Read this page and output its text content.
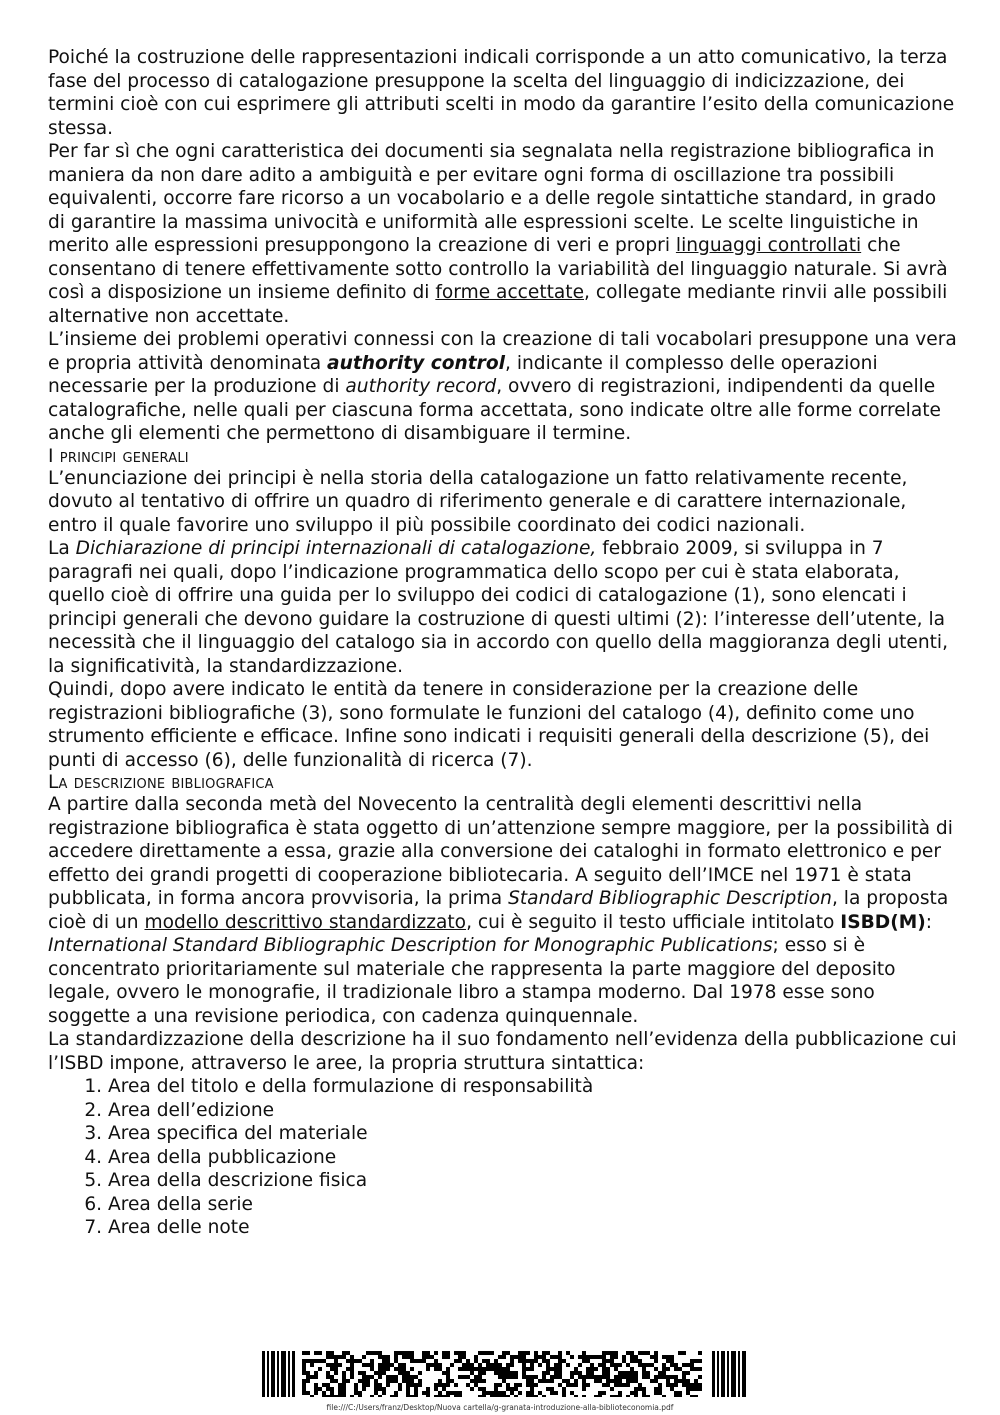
Poiché la costruzione delle rappresentazioni indicali corrisponde a un atto comunicativo, la terza fase del processo di catalogazione presuppone la scelta del linguaggio di indicizzazione, dei termini cioè con cui esprimere gli attributi scelti in modo da garantire l’esito della comunicazione stessa.

Per far sì che ogni caratteristica dei documenti sia segnalata nella registrazione bibliografica in maniera da non dare adito a ambiguità e per evitare ogni forma di oscillazione tra possibili equivalenti, occorre fare ricorso a un vocabolario e a delle regole sintattiche standard, in grado di garantire la massima univocità e uniformità alle espressioni scelte. Le scelte linguistiche in merito alle espressioni presuppongono la creazione di veri e propri linguaggi controllati che consentano di tenere effettivamente sotto controllo la variabilità del linguaggio naturale. Si avrà così a disposizione un insieme definito di forme accettate, collegate mediante rinvii alle possibili alternative non accettate.

L’insieme dei problemi operativi connessi con la creazione di tali vocabolari presuppone una vera e propria attività denominata authority control, indicante il complesso delle operazioni necessarie per la produzione di authority record, ovvero di registrazioni, indipendenti da quelle catalografiche, nelle quali per ciascuna forma accettata, sono indicate oltre alle forme correlate anche gli elementi che permettono di disambiguare il termine.

I principi generali

L’enunciazione dei principi è nella storia della catalogazione un fatto relativamente recente, dovuto al tentativo di offrire un quadro di riferimento generale e di carattere internazionale, entro il quale favorire uno sviluppo il più possibile coordinato dei codici nazionali.

La Dichiarazione di principi internazionali di catalogazione, febbraio 2009, si sviluppa in 7 paragrafi nei quali, dopo l’indicazione programmatica dello scopo per cui è stata elaborata, quello cioè di offrire una guida per lo sviluppo dei codici di catalogazione (1), sono elencati i principi generali che devono guidare la costruzione di questi ultimi (2): l’interesse dell’utente, la necessità che il linguaggio del catalogo sia in accordo con quello della maggioranza degli utenti, la significatività, la standardizzazione.

Quindi, dopo avere indicato le entità da tenere in considerazione per la creazione delle registrazioni bibliografiche (3), sono formulate le funzioni del catalogo (4), definito come uno strumento efficiente e efficace. Infine sono indicati i requisiti generali della descrizione (5), dei punti di accesso (6), delle funzionalità di ricerca (7).

La descrizione bibliografica

A partire dalla seconda metà del Novecento la centralità degli elementi descrittivi nella registrazione bibliografica è stata oggetto di un’attenzione sempre maggiore, per la possibilità di accedere direttamente a essa, grazie alla conversione dei cataloghi in formato elettronico e per effetto dei grandi progetti di cooperazione bibliotecaria. A seguito dell’IMCE nel 1971 è stata pubblicata, in forma ancora provvisoria, la prima Standard Bibliographic Description, la proposta cioè di un modello descrittivo standardizzato, cui è seguito il testo ufficiale intitolato ISBD(M): International Standard Bibliographic Description for Monographic Publications; esso si è concentrato prioritariamente sul materiale che rappresenta la parte maggiore del deposito legale, ovvero le monografie, il tradizionale libro a stampa moderno. Dal 1978 esse sono soggette a una revisione periodica, con cadenza quinquennale.

La standardizzazione della descrizione ha il suo fondamento nell’evidenza della pubblicazione cui l’ISBD impone, attraverso le aree, la propria struttura sintattica:

1. Area del titolo e della formulazione di responsabilità
2. Area dell’edizione
3. Area specifica del materiale
4. Area della pubblicazione
5. Area della descrizione fisica
6. Area della serie
7. Area delle note
file:///C:/Users/franz/Desktop/Nuova cartella/g-granata-introduzione-alla-biblioteconomia.pdf
